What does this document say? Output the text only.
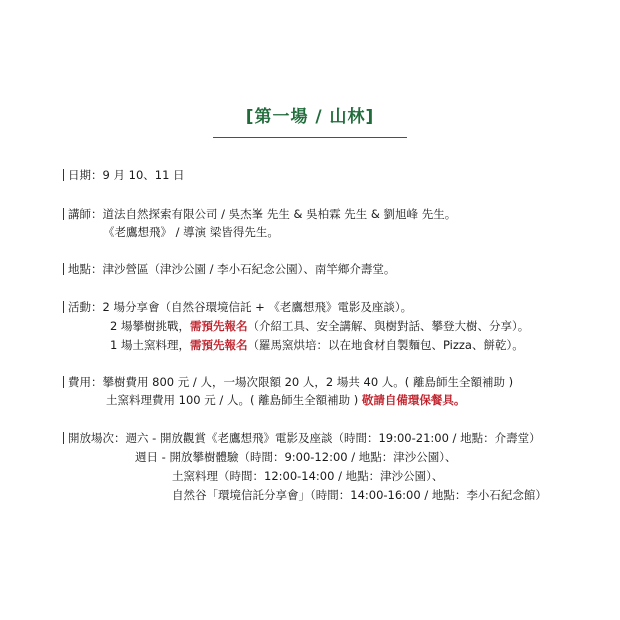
[第一場 / 山林]
日期：9 月 10、11 日
講師：道法自然探索有限公司 / 吳杰峯 先生 & 吳柏霖 先生 & 劉旭峰 先生。
《老鷹想飛》 / 導演 梁皆得先生。
地點：津沙營區（津沙公園 / 李小石紀念公園）、南竿鄉介壽堂。
活動：2 場分享會（自然谷環境信託 + 《老鷹想飛》電影及座談）。
2 場攀樹挑戰，需預先報名（介紹工具、安全講解、與樹對話、攀登大樹、分享）。
1 場土窯料理，需預先報名（羅馬窯烘培：以在地食材自製麵包、Pizza、餅乾）。
費用：攀樹費用 800 元 / 人，一場次限額 20 人，2 場共 40 人。( 離島師生全額補助 )
土窯料理費用 100 元 / 人。( 離島師生全額補助 ) 敬請自備環保餐具。
開放場次：週六 - 開放觀賞《老鷹想飛》電影及座談（時間：19:00-21:00 / 地點：介壽堂）
週日 - 開放攀樹體驗（時間：9:00-12:00 / 地點：津沙公園）、
土窯料理（時間：12:00-14:00 / 地點：津沙公園）、
自然谷「環境信託分享會」（時間：14:00-16:00 / 地點：李小石紀念館）
